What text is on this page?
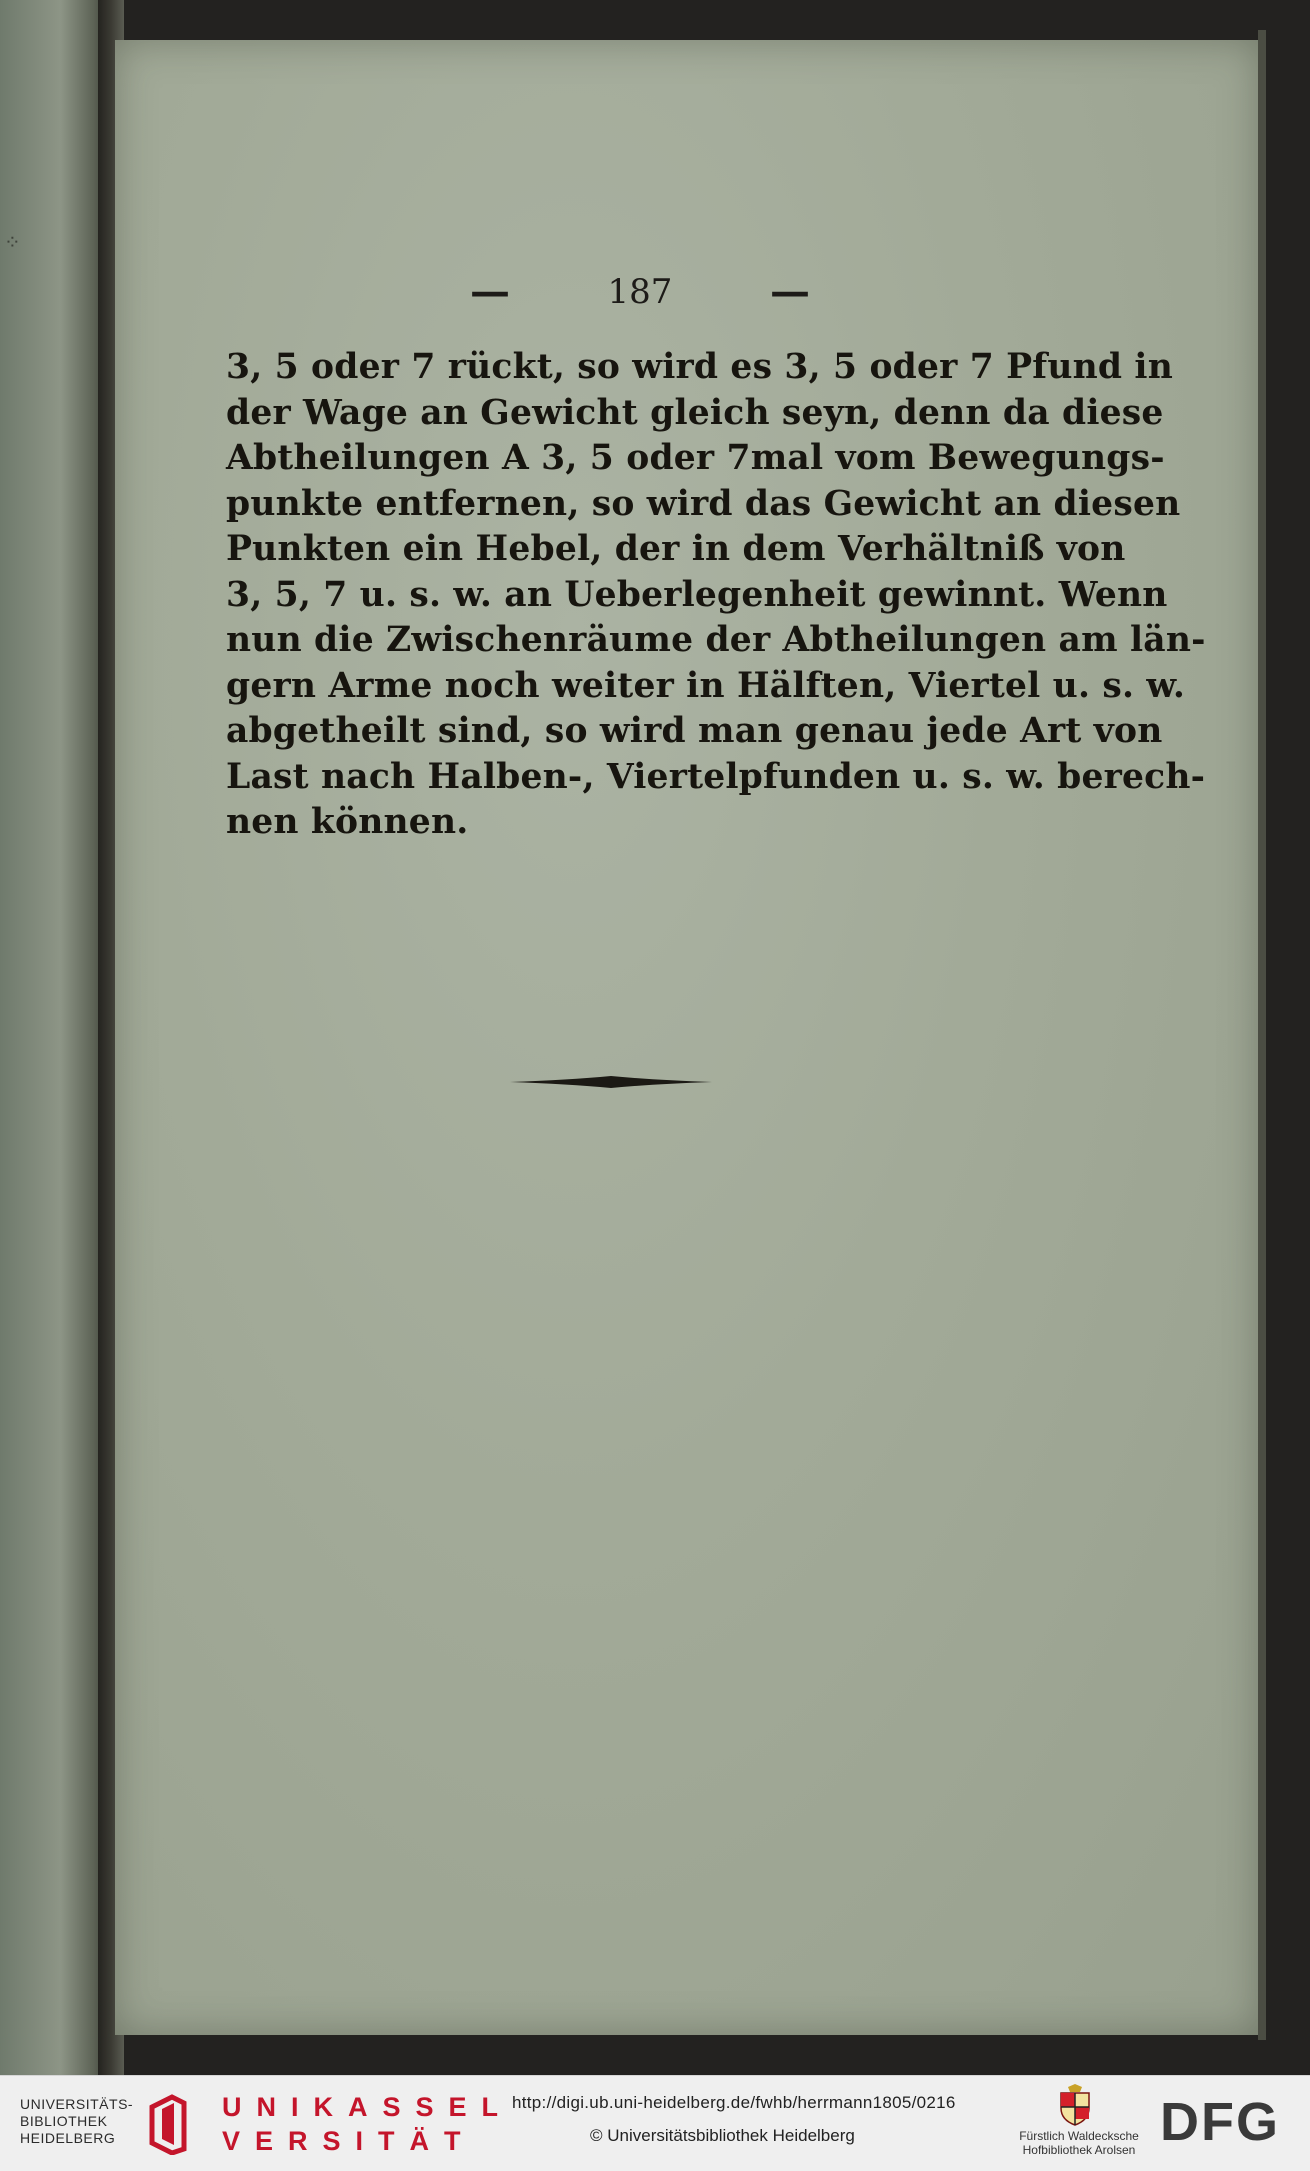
⁘
—	187 —
3, 5 oder 7 rückt, so wird es 3, 5 oder 7 Pfund in
der Wage an Gewicht gleich seyn, denn da diese
Abtheilungen A 3, 5 oder 7mal vom Bewegungs-
punkte entfernen, so wird das Gewicht an diesen
Punkten ein Hebel, der in dem Verhältniß von
3, 5, 7 u. s. w. an Ueberlegenheit gewinnt. Wenn
nun die Zwischenräume der Abtheilungen am län-
gern Arme noch weiter in Hälften, Viertel u. s. w.
abgetheilt sind, so wird man genau jede Art von
Last nach Halben-, Viertelpfunden u. s. w. berech-
nen können.
UNIVERSITÄTS-
BIBLIOTHEK
HEIDELBERG
UNIKASSEL
VERSITÄT
http://digi.ub.uni-heidelberg.de/fwhb/herrmann1805/0216
© Universitätsbibliothek Heidelberg	Fürstlich Waldecksche
Hofbibliothek Arolsen DFG
